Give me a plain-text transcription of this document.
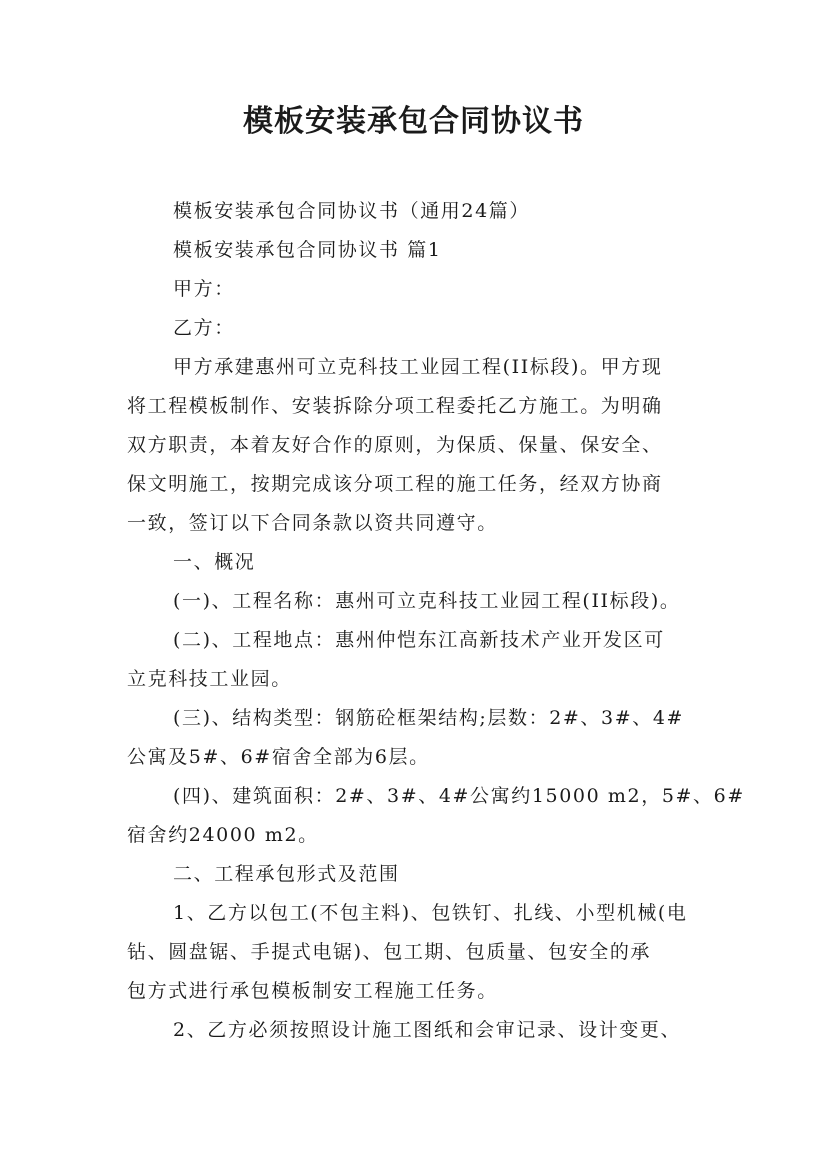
模板安装承包合同协议书
模板安装承包合同协议书（通用24篇）
模板安装承包合同协议书 篇1
甲方：
乙方：
甲方承建惠州可立克科技工业园工程(II标段)。甲方现
将工程模板制作、安装拆除分项工程委托乙方施工。为明确
双方职责，本着友好合作的原则，为保质、保量、保安全、
保文明施工，按期完成该分项工程的施工任务，经双方协商
一致，签订以下合同条款以资共同遵守。
一、概况
(一)、工程名称：惠州可立克科技工业园工程(II标段)。
(二)、工程地点：惠州仲恺东江高新技术产业开发区可
立克科技工业园。
(三)、结构类型：钢筋砼框架结构;层数：2#、3#、4#
公寓及5#、6#宿舍全部为6层。
(四)、建筑面积：2#、3#、4#公寓约15000 m2，5#、6#
宿舍约24000 m2。
二、工程承包形式及范围
1、乙方以包工(不包主料)、包铁钉、扎线、小型机械(电
钻、圆盘锯、手提式电锯)、包工期、包质量、包安全的承
包方式进行承包模板制安工程施工任务。
2、乙方必须按照设计施工图纸和会审记录、设计变更、
